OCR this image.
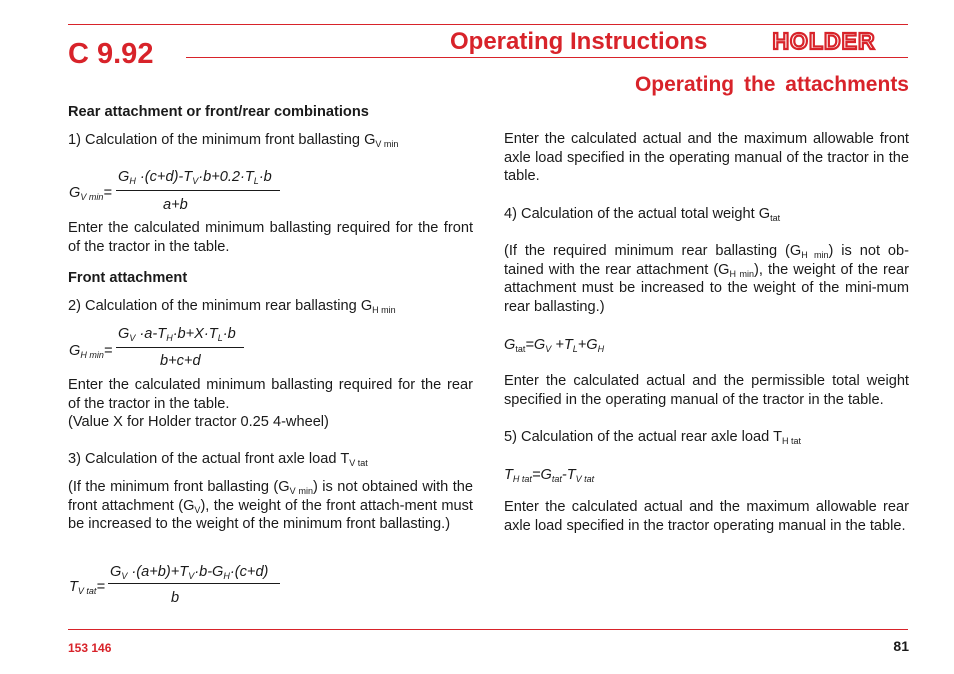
C 9.92	Operating Instructions	HOLDER
Operating the attachments

Rear attachment or front/rear combinations

1) Calculation of the minimum front ballasting $G_{V min}$

$G_{V min}=$
$G_H \cdot(c+d)-T_V\cdot b+0.2\cdot T_L\cdot b$
a+b

Enter the calculated minimum ballasting required for the front of the tractor in the table.

Front attachment

2) Calculation of the minimum rear ballasting $G_{H min}$

$G_{H min}=$
$G_V \cdot a-T_H\cdot b+X\cdot T_L\cdot b$
b+c+d

Enter the calculated minimum ballasting required for the rear of the tractor in the table.

(Value X for Holder tractor 0.25 4-wheel)

3) Calculation of the actual front axle load $T_{V tat}$

(If the minimum front ballasting $(G_{V min})$ is not obtained with the front attachment $(G_V)$, the weight of the front attach-ment must be increased to the weight of the minimum front ballasting.)

$T_{V tat}=$
$G_V \cdot(a+b)+T_V\cdot b-G_H\cdot(c+d)$
b

Enter the calculated actual and the maximum allowable front axle load specified in the operating manual of the tractor in the table.

4) Calculation of the actual total weight $G_{tat}$

(If the required minimum rear ballasting $(G_{H min})$ is not ob-tained with the rear attachment $(G_{H min})$, the weight of the rear attachment must be increased to the weight of the mini-mum rear ballasting.)

$G_{tat}=G_V +T_L+G_H$

Enter the calculated actual and the permissible total weight specified in the operating manual of the tractor in the table.

5) Calculation of the actual rear axle load $T_{H tat}$

$T_{H tat}=G_{tat}-T_{V tat}$

Enter the calculated actual and the maximum allowable rear axle load specified in the tractor operating manual in the table.

153 146	81
